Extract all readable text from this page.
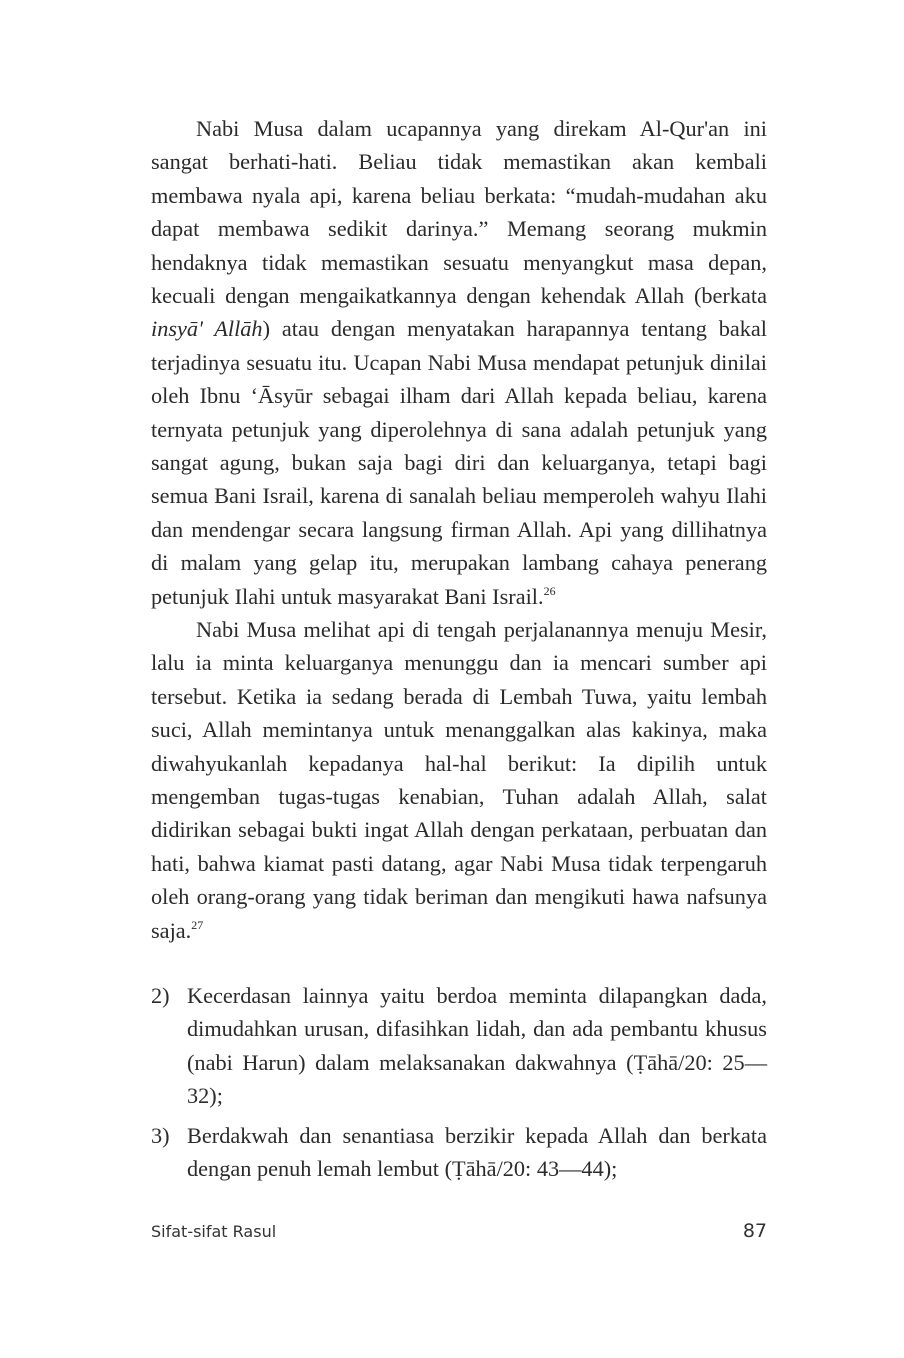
Nabi Musa dalam ucapannya yang direkam Al-Qur'an ini sangat berhati-hati. Beliau tidak memastikan akan kembali membawa nyala api, karena beliau berkata: “mudah-mudahan aku dapat membawa sedikit darinya.” Memang seorang mukmin hendaknya tidak memastikan sesuatu menyangkut masa depan, kecuali dengan mengaikatkannya dengan kehendak Allah (berkata insyā' Allāh) atau dengan menyatakan harapannya tentang bakal terjadinya sesuatu itu. Ucapan Nabi Musa mendapat petunjuk dinilai oleh Ibnu ‘Āsyūr sebagai ilham dari Allah kepada beliau, karena ternyata petunjuk yang diperolehnya di sana adalah petunjuk yang sangat agung, bukan saja bagi diri dan keluarganya, tetapi bagi semua Bani Israil, karena di sanalah beliau memperoleh wahyu Ilahi dan mendengar secara langsung firman Allah. Api yang dillihatnya di malam yang gelap itu, merupakan lambang cahaya penerang petunjuk Ilahi untuk masyarakat Bani Israil.$^{26}$

Nabi Musa melihat api di tengah perjalanannya menuju Mesir, lalu ia minta keluarganya menunggu dan ia mencari sumber api tersebut. Ketika ia sedang berada di Lembah Tuwa, yaitu lembah suci, Allah memintanya untuk menanggalkan alas kakinya, maka diwahyukanlah kepadanya hal-hal berikut: Ia dipilih untuk mengemban tugas-tugas kenabian, Tuhan adalah Allah, salat didirikan sebagai bukti ingat Allah dengan perkataan, perbuatan dan hati, bahwa kiamat pasti datang, agar Nabi Musa tidak terpengaruh oleh orang-orang yang tidak beriman dan mengikuti hawa nafsunya saja.$^{27}$

2) Kecerdasan lainnya yaitu berdoa meminta dilapangkan dada, dimudahkan urusan, difasihkan lidah, dan ada pembantu khusus (nabi Harun) dalam melaksanakan dakwahnya (Ṭāhā/20: 25—32);
3) Berdakwah dan senantiasa berzikir kepada Allah dan berkata dengan penuh lemah lembut (Ṭāhā/20: 43—44);
Sifat-sifat Rasul	87
